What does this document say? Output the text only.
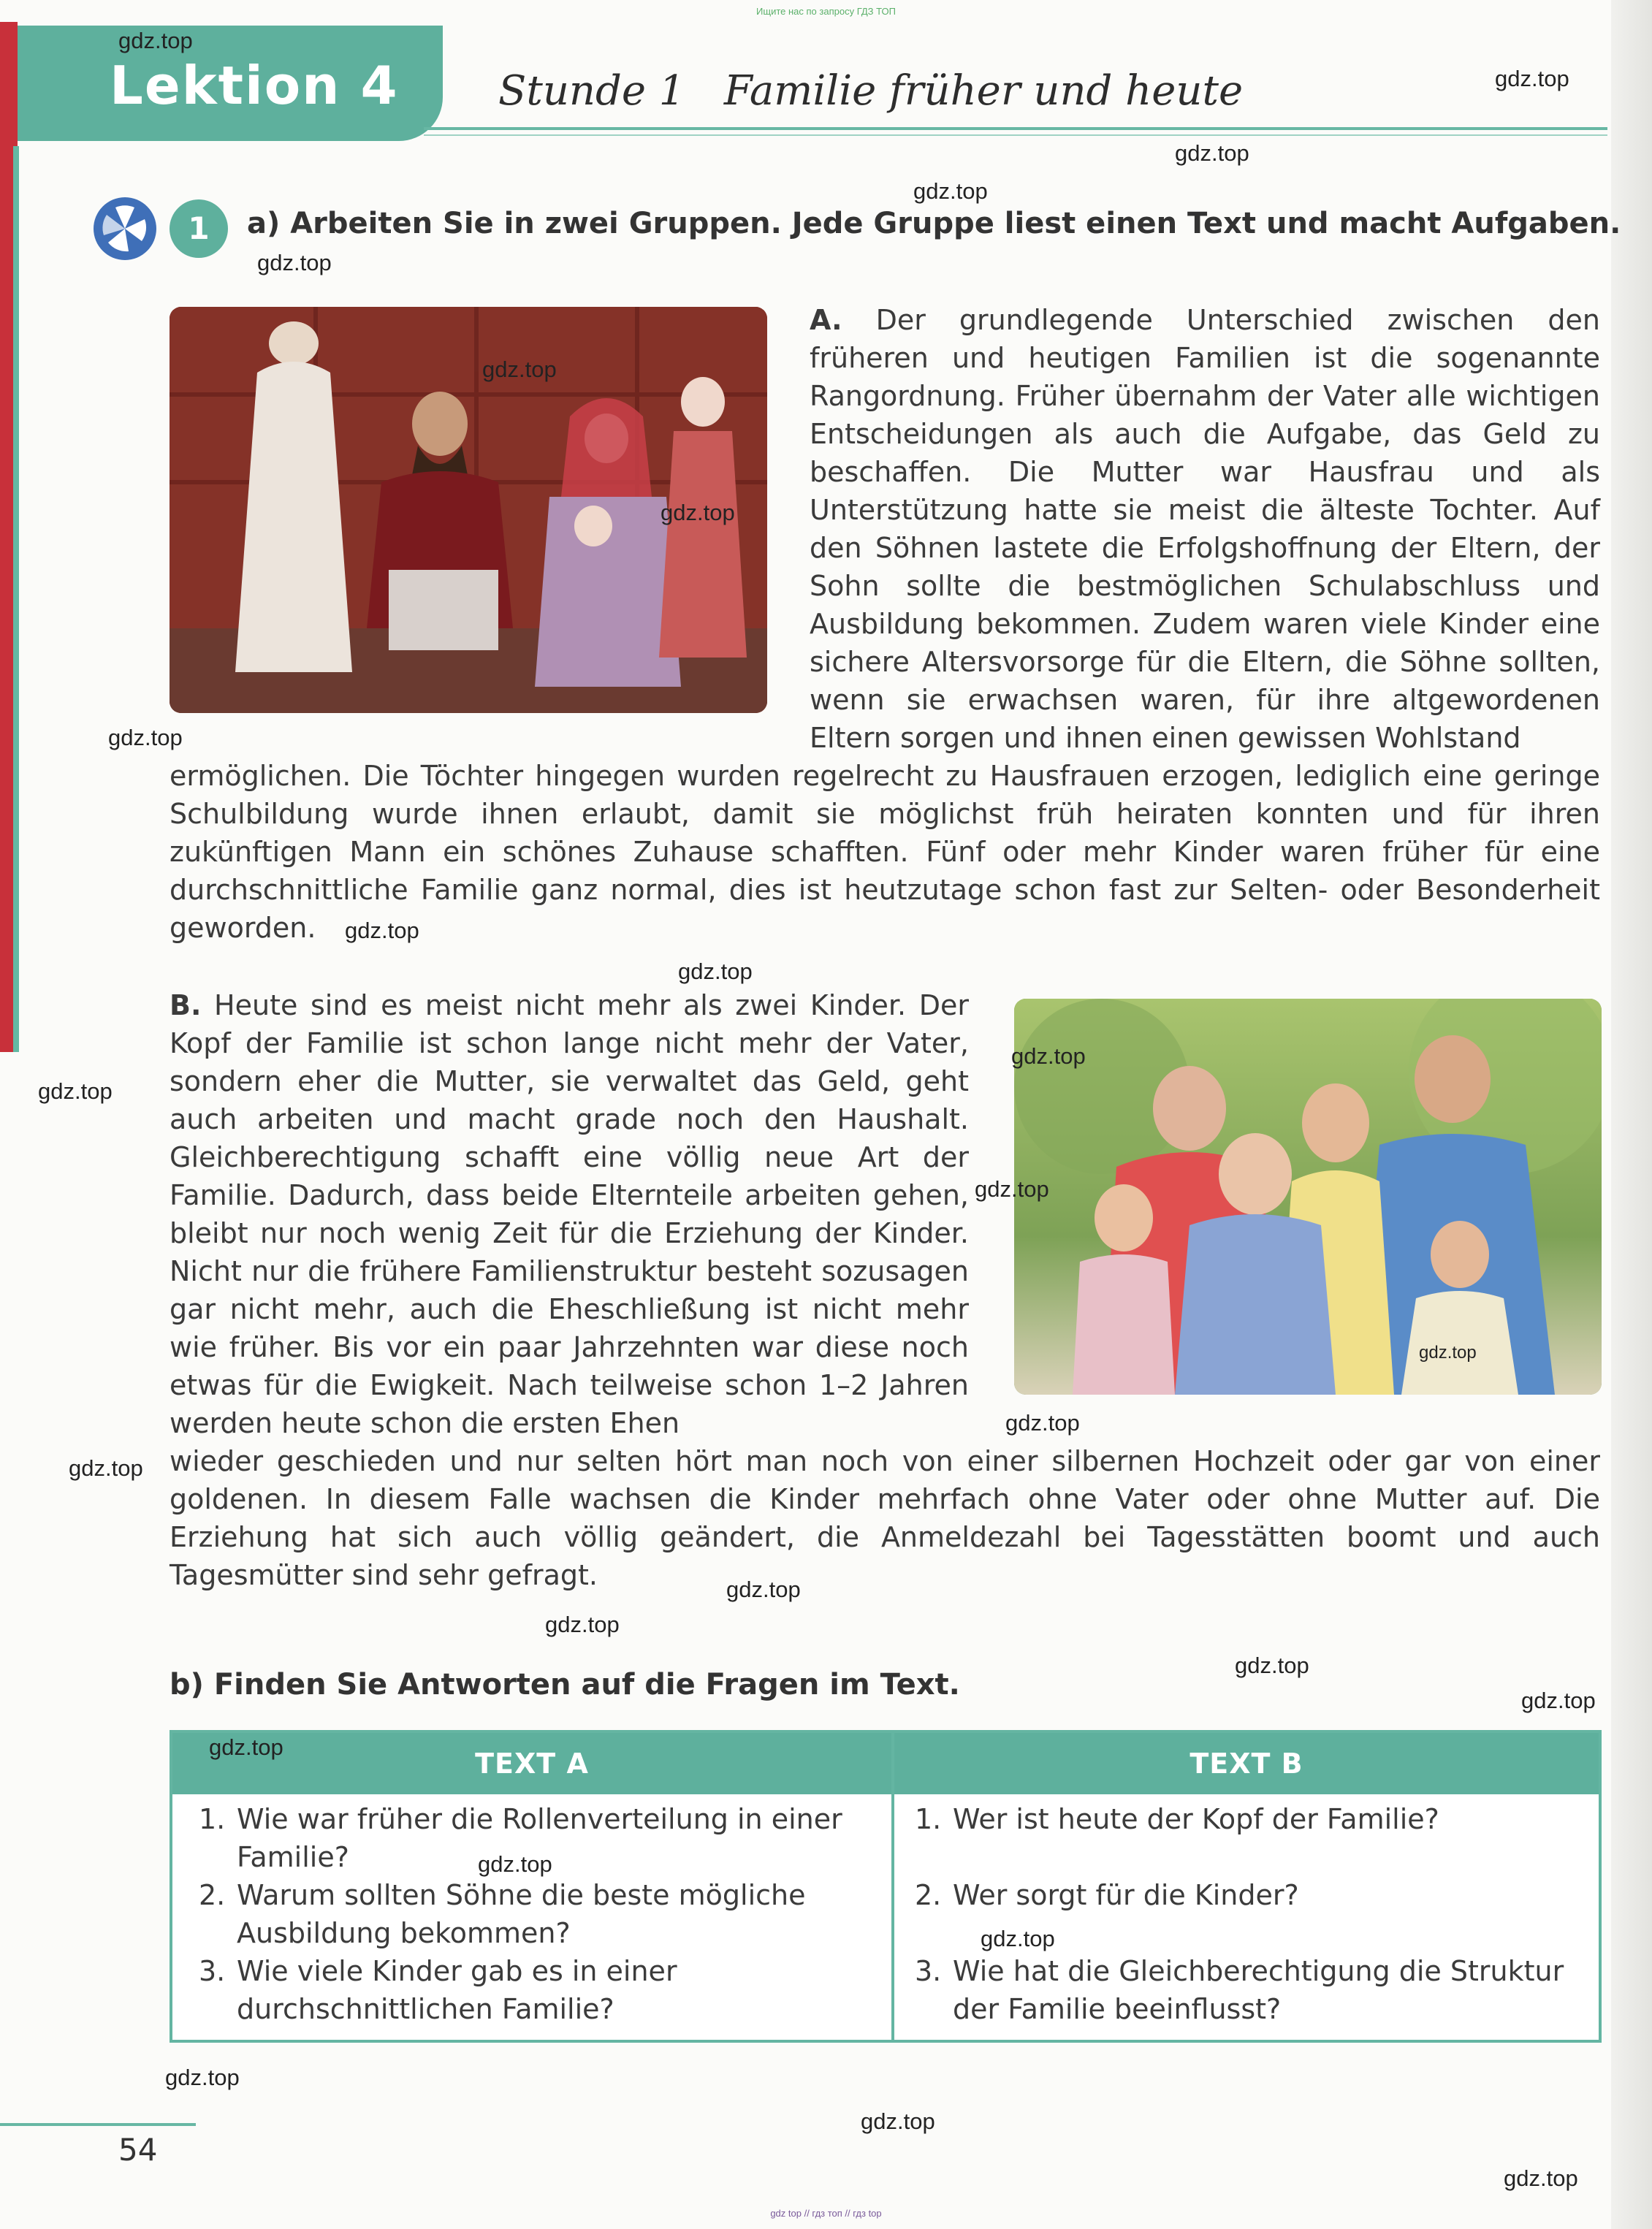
Ищите нас по запросу ГДЗ ТОП
Lektion 4 Stunde 1 Familie früher und heute
1	a) Arbeiten Sie in zwei Gruppen. Jede Gruppe liest einen Text und macht Aufgaben.
A. Der grundlegende Unterschied zwischen den früheren und heutigen Familien ist die sogenannte Rangordnung. Früher übernahm der Vater alle wichtigen Entscheidungen als auch die Aufgabe, das Geld zu beschaffen. Die Mutter war Hausfrau und als Unterstützung hatte sie meist die älteste Tochter. Auf den Söhnen lastete die Erfolgshoffnung der Eltern, der Sohn sollte die bestmöglichen Schulabschluss und Ausbildung bekommen. Zudem waren viele Kinder eine sichere Altersvorsorge für die Eltern, die Söhne sollten, wenn sie erwachsen waren, für ihre altgewordenen Eltern sorgen und ihnen einen gewissen Wohlstand
ermöglichen. Die Töchter hingegen wurden regelrecht zu Hausfrauen erzogen, lediglich eine geringe Schulbildung wurde ihnen erlaubt, damit sie möglichst früh heiraten konnten und für ihren zukünftigen Mann ein schönes Zuhause schafften. Fünf oder mehr Kinder waren früher für eine durchschnittliche Familie ganz normal, dies ist heutzutage schon fast zur Selten- oder Besonderheit geworden.
B. Heute sind es meist nicht mehr als zwei Kinder. Der Kopf der Familie ist schon lange nicht mehr der Vater, sondern eher die Mutter, sie verwaltet das Geld, geht auch arbeiten und macht grade noch den Haushalt. Gleichberechtigung schafft eine völlig neue Art der Familie. Dadurch, dass beide Elternteile arbeiten gehen, bleibt nur noch wenig Zeit für die Erziehung der Kinder. Nicht nur die frühere Familienstruktur besteht sozusagen gar nicht mehr, auch die Eheschließung ist nicht mehr wie früher. Bis vor ein paar Jahrzehnten war diese noch etwas für die Ewigkeit. Nach teilweise schon 1–2 Jahren werden heute schon die ersten Ehen
wieder geschieden und nur selten hört man noch von einer silbernen Hochzeit oder gar von einer goldenen. In diesem Falle wachsen die Kinder mehrfach ohne Vater oder ohne Mutter auf. Die Erziehung hat sich auch völlig geändert, die Anmeldezahl bei Tagesstätten boomt und auch Tagesmütter sind sehr gefragt.
b) Finden Sie Antworten auf die Fragen im Text.
TEXT A	TEXT B
1. Wie war früher die Rollenverteilung in einer Familie?
2. Warum sollten Söhne die beste mögliche Ausbildung bekommen?
3. Wie viele Kinder gab es in einer durchschnittlichen Familie?
1. Wer ist heute der Kopf der Familie?
2. Wer sorgt für die Kinder?
3. Wie hat die Gleichberechtigung die Struktur der Familie beeinflusst?
54
gdz.top
gdz.top
gdz.top
gdz.top
gdz.top
gdz.top
gdz.top
gdz.top
gdz.top
gdz.top
gdz.top
gdz.top
gdz.top
gdz.top
gdz.top
gdz.top
gdz.top
gdz.top
gdz.top
gdz.top
gdz.top
gdz.top
gdz.top
gdz.top
gdz.top
gdz.top
gdz top // гдз топ // гдз top
